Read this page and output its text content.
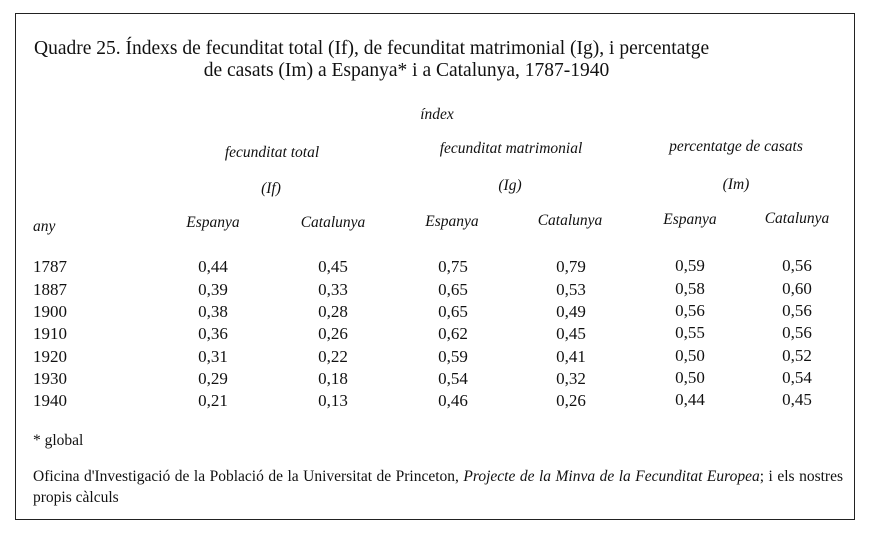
Quadre 25. Índexs de fecunditat total (If), de fecunditat matrimonial (Ig), i percentatge
de casats (Im) a Espanya* i a Catalunya, 1787-1940
índex
fecunditat total	fecunditat matrimonial	percentatge de casats
(If)	(Ig)	(Im)
any	Espanya	Catalunya	Espanya	Catalunya	Espanya	Catalunya
1787	0,44	0,45	0,75	0,79	0,59	0,56
1887	0,39	0,33	0,65	0,53	0,58	0,60
1900	0,38	0,28	0,65	0,49	0,56	0,56
1910	0,36	0,26	0,62	0,45	0,55	0,56
1920	0,31	0,22	0,59	0,41	0,50	0,52
1930	0,29	0,18	0,54	0,32	0,50	0,54
1940	0,21	0,13	0,46	0,26	0,44	0,45
* global
Oficina d'Investigació de la Població de la Universitat de Princeton, Projecte de la Minva de la Fecunditat Europea; i els nostres propis càlculs
